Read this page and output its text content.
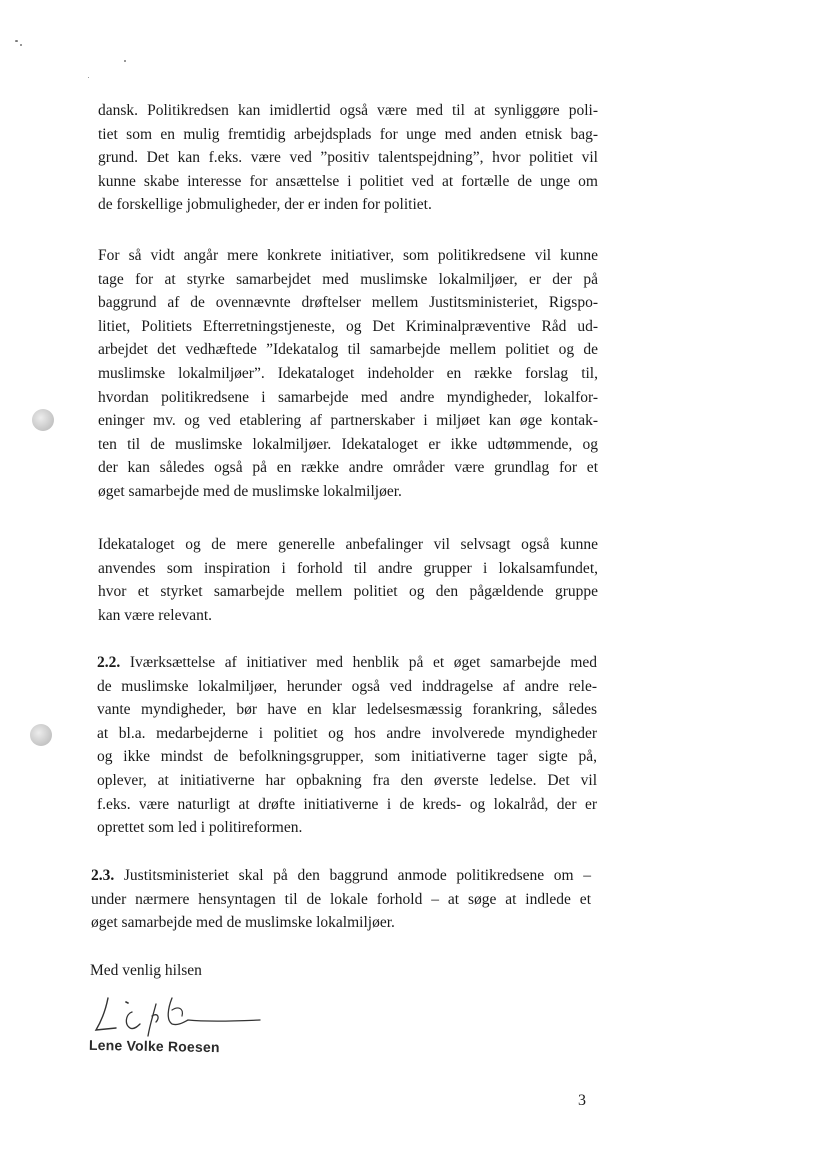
dansk. Politikredsen kan imidlertid også være med til at synliggøre poli-
tiet som en mulig fremtidig arbejdsplads for unge med anden etnisk bag-
grund. Det kan f.eks. være ved ”positiv talentspejdning”, hvor politiet vil
kunne skabe interesse for ansættelse i politiet ved at fortælle de unge om
de forskellige jobmuligheder, der er inden for politiet.
For så vidt angår mere konkrete initiativer, som politikredsene vil kunne
tage for at styrke samarbejdet med muslimske lokalmiljøer, er der på
baggrund af de ovennævnte drøftelser mellem Justitsministeriet, Rigspo-
litiet, Politiets Efterretningstjeneste, og Det Kriminalpræventive Råd ud-
arbejdet det vedhæftede ”Idekatalog til samarbejde mellem politiet og de
muslimske lokalmiljøer”. Idekataloget indeholder en række forslag til,
hvordan politikredsene i samarbejde med andre myndigheder, lokalfor-
eninger mv. og ved etablering af partnerskaber i miljøet kan øge kontak-
ten til de muslimske lokalmiljøer. Idekataloget er ikke udtømmende, og
der kan således også på en række andre områder være grundlag for et
øget samarbejde med de muslimske lokalmiljøer.
Idekataloget og de mere generelle anbefalinger vil selvsagt også kunne
anvendes som inspiration i forhold til andre grupper i lokalsamfundet,
hvor et styrket samarbejde mellem politiet og den pågældende gruppe
kan være relevant.
2.2. Iværksættelse af initiativer med henblik på et øget samarbejde med
de muslimske lokalmiljøer, herunder også ved inddragelse af andre rele-
vante myndigheder, bør have en klar ledelsesmæssig forankring, således
at bl.a. medarbejderne i politiet og hos andre involverede myndigheder
og ikke mindst de befolkningsgrupper, som initiativerne tager sigte på,
oplever, at initiativerne har opbakning fra den øverste ledelse. Det vil
f.eks. være naturligt at drøfte initiativerne i de kreds- og lokalråd, der er
oprettet som led i politireformen.
2.3. Justitsministeriet skal på den baggrund anmode politikredsene om –
under nærmere hensyntagen til de lokale forhold – at søge at indlede et
øget samarbejde med de muslimske lokalmiljøer.
Med venlig hilsen
Lene Volke Roesen
3
